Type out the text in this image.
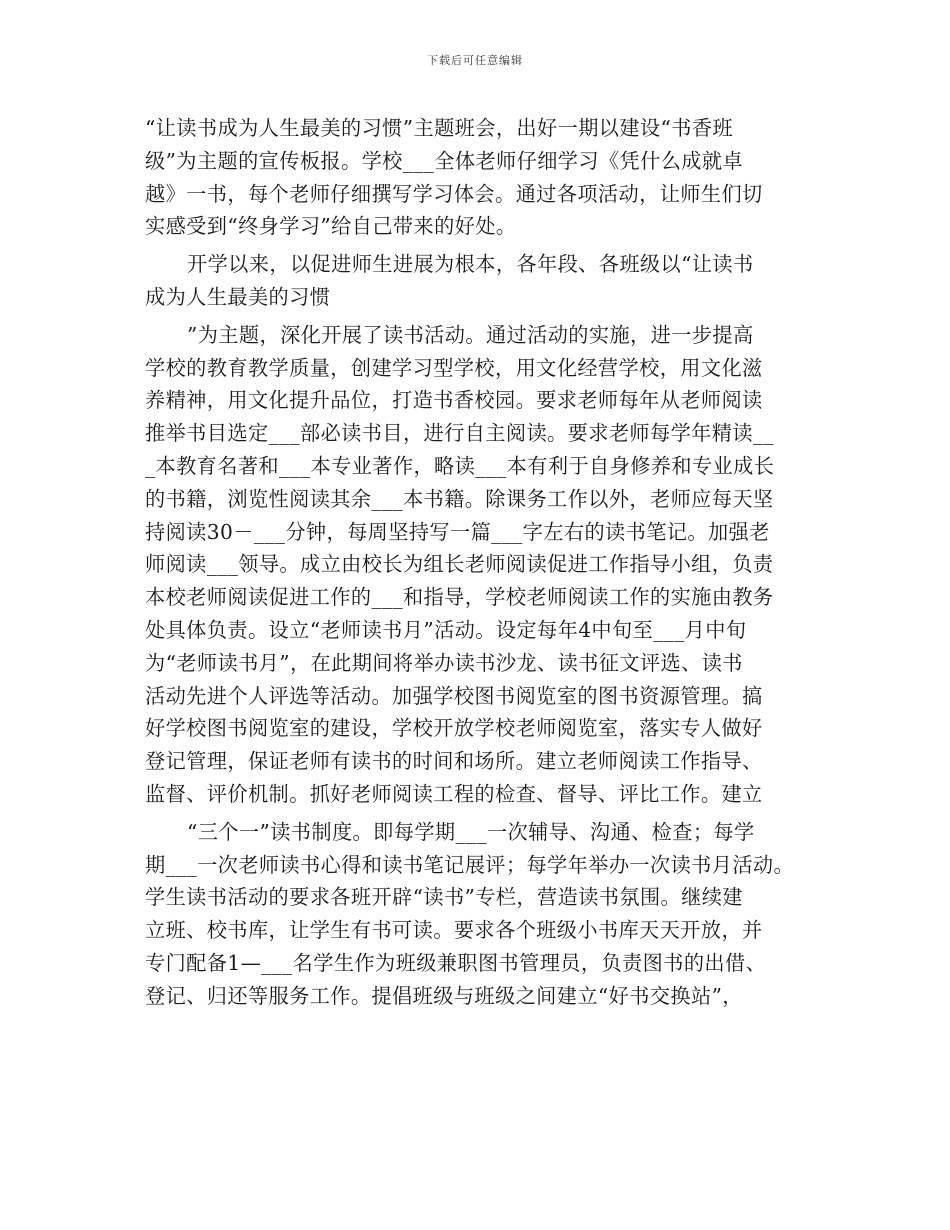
下载后可任意编辑
“让读书成为人生最美的习惯”主题班会，出好一期以建设“书香班
级”为主题的宣传板报。学校___全体老师仔细学习《凭什么成就卓
越》一书，每个老师仔细撰写学习体会。通过各项活动，让师生们切
实感受到“终身学习”给自己带来的好处。
开学以来，以促进师生进展为根本，各年段、各班级以“让读书
成为人生最美的习惯
”为主题，深化开展了读书活动。通过活动的实施，进一步提高
学校的教育教学质量，创建学习型学校，用文化经营学校，用文化滋
养精神，用文化提升品位，打造书香校园。要求老师每年从老师阅读
推举书目选定___部必读书目，进行自主阅读。要求老师每学年精读__
_本教育名著和___本专业著作，略读___本有利于自身修养和专业成长
的书籍，浏览性阅读其余___本书籍。除课务工作以外，老师应每天坚
持阅读30－___分钟，每周坚持写一篇___字左右的读书笔记。加强老
师阅读___领导。成立由校长为组长老师阅读促进工作指导小组，负责
本校老师阅读促进工作的___和指导，学校老师阅读工作的实施由教务
处具体负责。设立“老师读书月”活动。设定每年4中旬至___月中旬
为“老师读书月”，在此期间将举办读书沙龙、读书征文评选、读书
活动先进个人评选等活动。加强学校图书阅览室的图书资源管理。搞
好学校图书阅览室的建设，学校开放学校老师阅览室，落实专人做好
登记管理，保证老师有读书的时间和场所。建立老师阅读工作指导、
监督、评价机制。抓好老师阅读工程的检查、督导、评比工作。建立
“三个一”读书制度。即每学期___一次辅导、沟通、检查；每学
期___一次老师读书心得和读书笔记展评；每学年举办一次读书月活动。
学生读书活动的要求各班开辟“读书”专栏，营造读书氛围。继续建
立班、校书库，让学生有书可读。要求各个班级小书库天天开放，并
专门配备1—___名学生作为班级兼职图书管理员，负责图书的出借、
登记、归还等服务工作。提倡班级与班级之间建立“好书交换站”，
